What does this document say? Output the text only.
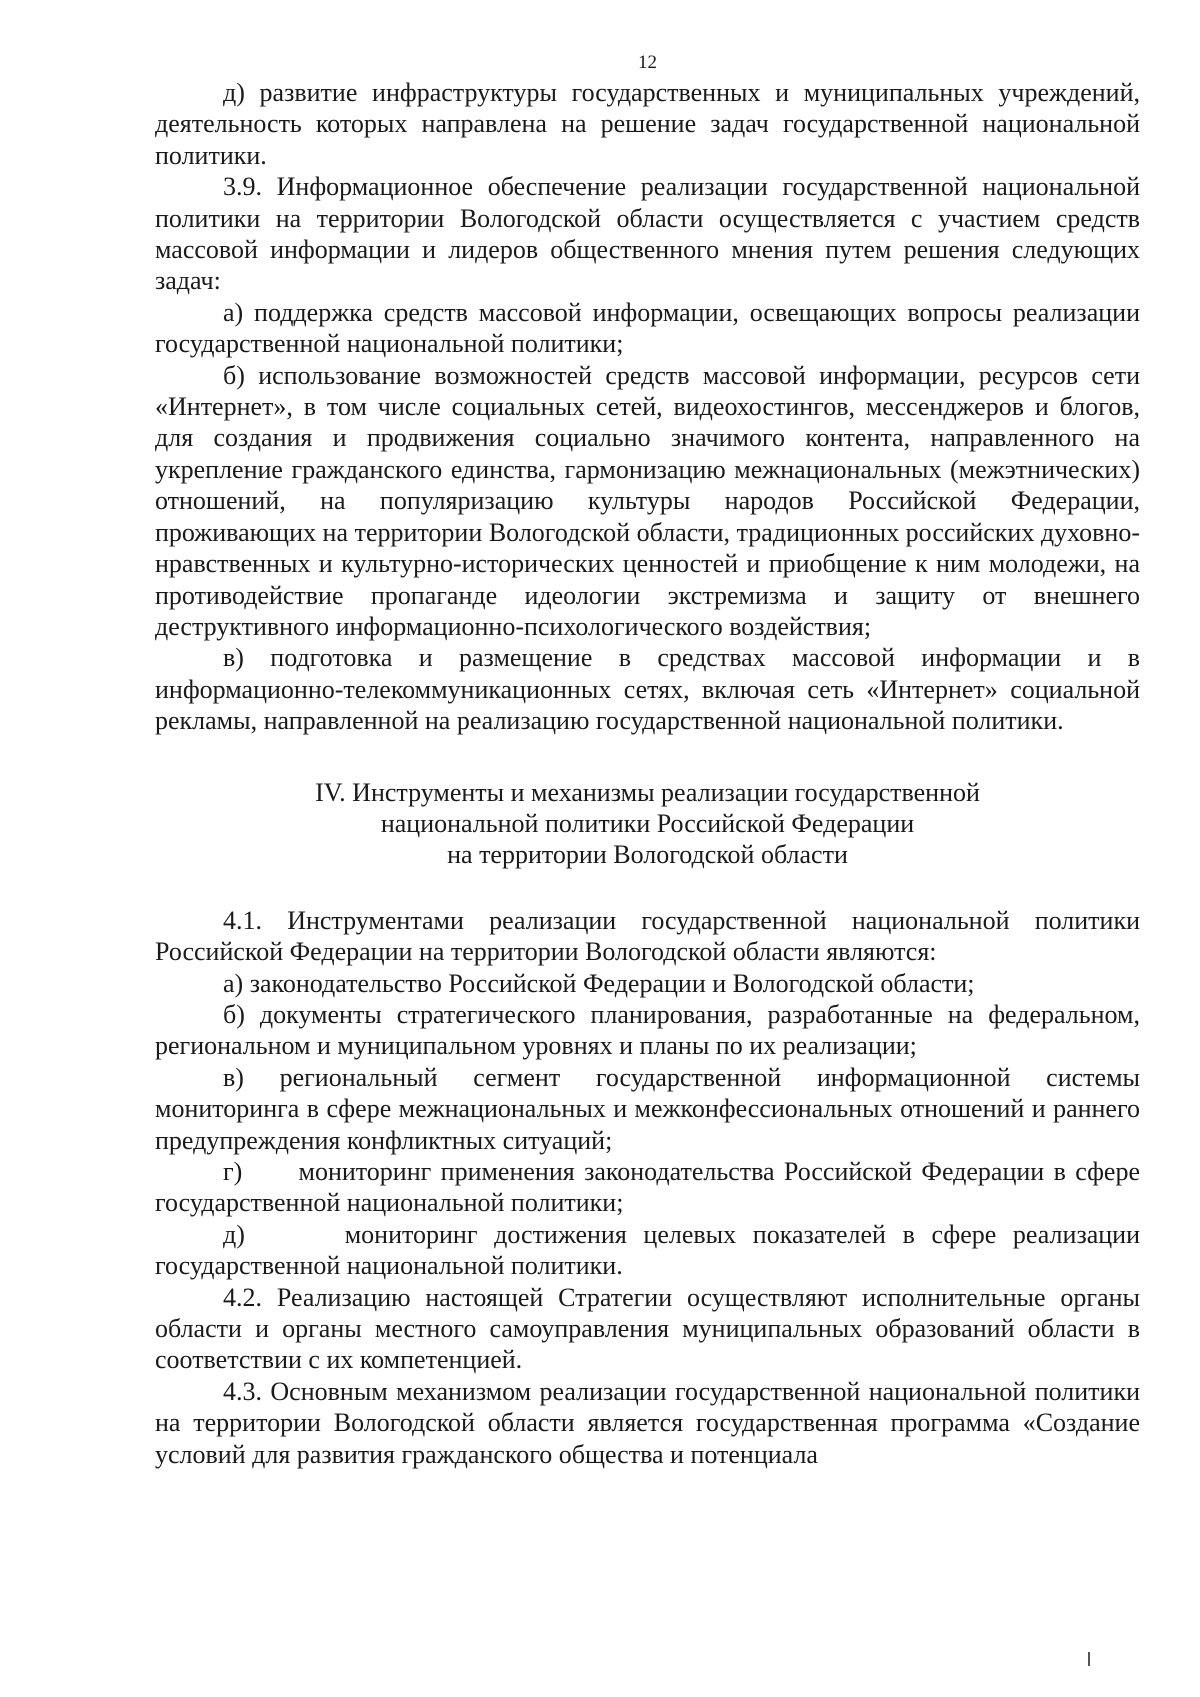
12

д) развитие инфраструктуры государственных и муниципальных учреждений, деятельность которых направлена на решение задач государственной национальной политики.

3.9. Информационное обеспечение реализации государственной национальной политики на территории Вологодской области осуществляется с участием средств массовой информации и лидеров общественного мнения путем решения следующих задач:

а) поддержка средств массовой информации, освещающих вопросы реализации государственной национальной политики;

б) использование возможностей средств массовой информации, ресурсов сети «Интернет», в том числе социальных сетей, видеохостингов, мессенджеров и блогов, для создания и продвижения социально значимого контента, направленного на укрепление гражданского единства, гармонизацию межнациональных (межэтнических) отношений, на популяризацию культуры народов Российской Федерации, проживающих на территории Вологодской области, традиционных российских духовно-нравственных и культурно-исторических ценностей и приобщение к ним молодежи, на противодействие пропаганде идеологии экстремизма и защиту от внешнего деструктивного информационно-психологического воздействия;

в) подготовка и размещение в средствах массовой информации и в информационно-телекоммуникационных сетях, включая сеть «Интернет» социальной рекламы, направленной на реализацию государственной национальной политики.

IV. Инструменты и механизмы реализации государственной
национальной политики Российской Федерации
на территории Вологодской области

4.1. Инструментами реализации государственной национальной политики Российской Федерации на территории Вологодской области являются:

а) законодательство Российской Федерации и Вологодской области;

б) документы стратегического планирования, разработанные на федеральном, региональном и муниципальном уровнях и планы по их реализации;

в) региональный сегмент государственной информационной системы мониторинга в сфере межнациональных и межконфессиональных отношений и раннего предупреждения конфликтных ситуаций;

г)      мониторинг применения законодательства Российской Федерации в сфере государственной национальной политики;

д)      мониторинг достижения целевых показателей в сфере реализации государственной национальной политики.

4.2. Реализацию настоящей Стратегии осуществляют исполнительные органы области и органы местного самоуправления муниципальных образований области в соответствии с их компетенцией.

4.3. Основным механизмом реализации государственной национальной политики на территории Вологодской области является государственная программа «Создание условий для развития гражданского общества и потенциала
